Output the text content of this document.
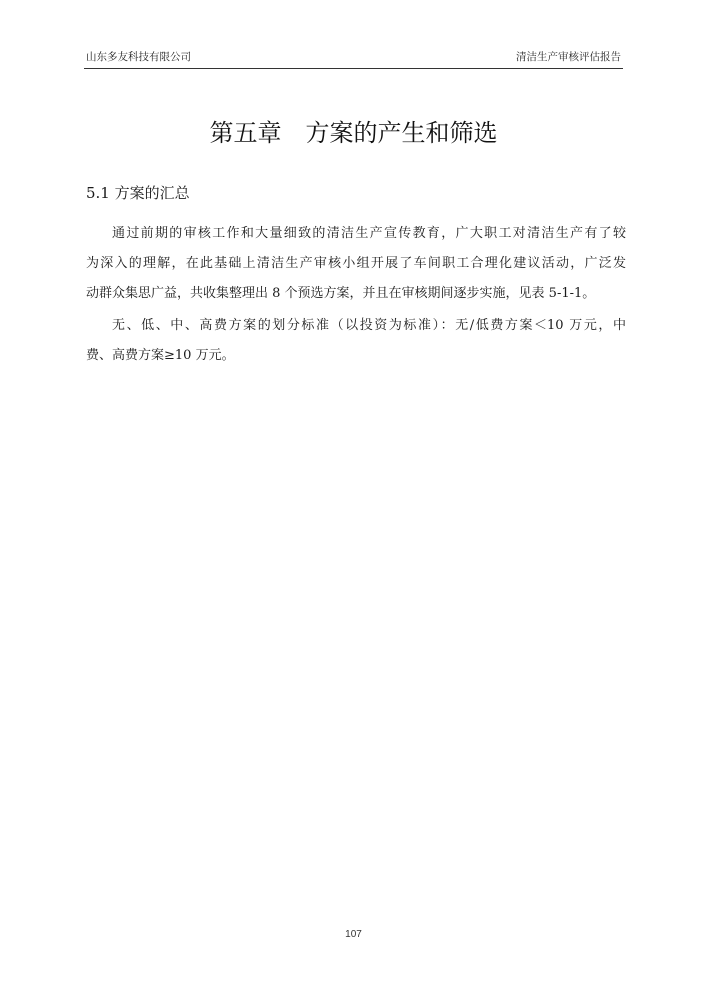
山东多友科技有限公司	清洁生产审核评估报告
第五章　方案的产生和筛选
5.1 方案的汇总
通过前期的审核工作和大量细致的清洁生产宣传教育，广大职工对清洁生产有了较
为深入的理解，在此基础上清洁生产审核小组开展了车间职工合理化建议活动，广泛发
动群众集思广益，共收集整理出 8 个预选方案，并且在审核期间逐步实施，见表 5-1-1。
无、低、中、高费方案的划分标准（以投资为标准）：无/低费方案＜10 万元，中
费、高费方案≥10 万元。
107
